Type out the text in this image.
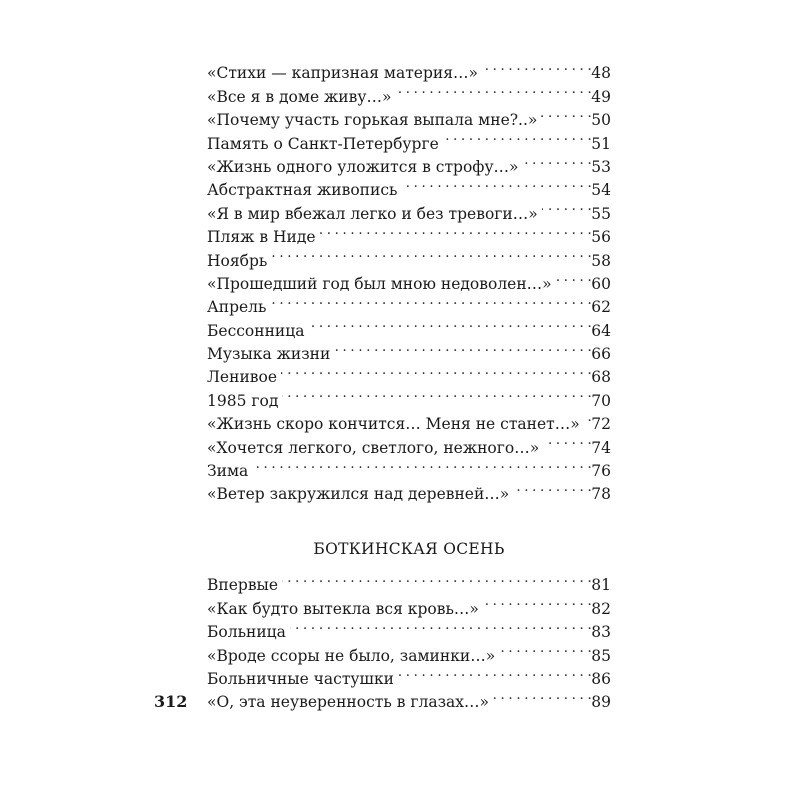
«Стихи — капризная материя…» . . .	48
«Все я в доме живу…» . . .	49
«Почему участь горькая выпала мне?..» . . .	50
Память о Санкт-Петербурге . . .	51
«Жизнь одного уложится в строфу…» . . .	53
Абстрактная живопись . . .	54
«Я в мир вбежал легко и без тревоги…» . . .	55
Пляж в Ниде . . .	56
Ноябрь . . .	58
«Прошедший год был мною недоволен…» . . .	60
Апрель . . .	62
Бессонница . . .	64
Музыка жизни . . .	66
Ленивое . . .	68
1985 год . . .	70
«Жизнь скоро кончится… Меня не станет…» . . . 72
«Хочется легкого, светлого, нежного…» . . .	74
Зима . . .	76
«Ветер закружился над деревней…» . . .	78
БОТКИНСКАЯ ОСЕНЬ
Впервые . . .	81
«Как будто вытекла вся кровь…» . . .	82
Больница . . .	83
«Вроде ссоры не было, заминки…» . . .	85
Больничные частушки . . .	86
«О, эта неуверенность в глазах…» . . .	89
312
